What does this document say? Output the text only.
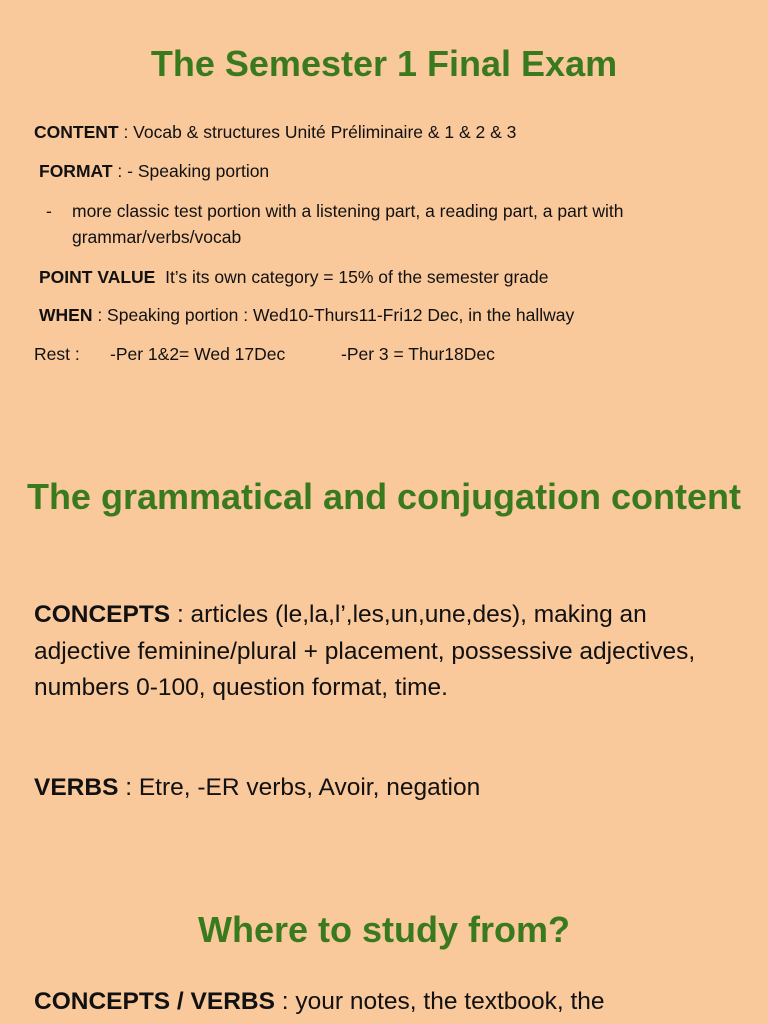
The Semester 1 Final Exam
CONTENT : Vocab & structures Unité Préliminaire & 1 & 2 & 3
FORMAT : - Speaking portion
- more classic test portion with a listening part, a reading part, a part with grammar/verbs/vocab
POINT VALUE  It’s its own category = 15% of the semester grade
WHEN : Speaking portion : Wed10-Thurs11-Fri12 Dec, in the hallway
Rest : -Per 1&2= Wed 17Dec	-Per 3 = Thur18Dec
The grammatical and conjugation content
CONCEPTS : articles (le,la,l’,les,un,une,des), making an adjective feminine/plural + placement, possessive adjectives, numbers 0-100, question format, time.
VERBS : Etre, -ER verbs, Avoir, negation
Where to study from?
CONCEPTS / VERBS : your notes, the textbook, the
